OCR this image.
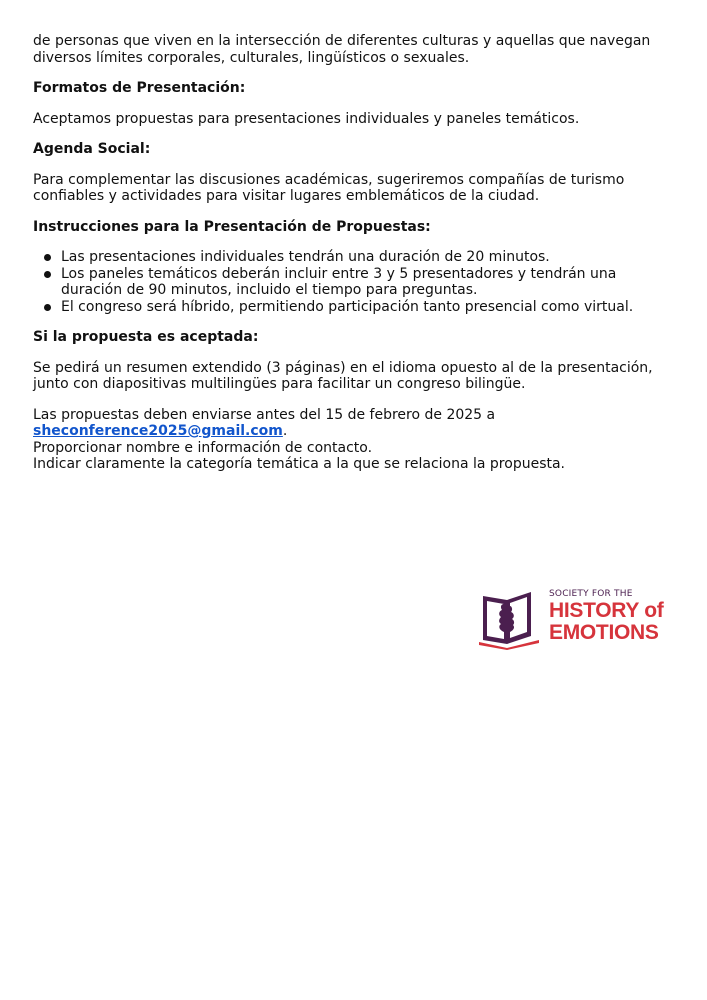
de personas que viven en la intersección de diferentes culturas y aquellas que navegan diversos límites corporales, culturales, lingüísticos o sexuales.

Formatos de Presentación:

Aceptamos propuestas para presentaciones individuales y paneles temáticos.

Agenda Social:

Para complementar las discusiones académicas, sugeriremos compañías de turismo confiables y actividades para visitar lugares emblemáticos de la ciudad.

Instrucciones para la Presentación de Propuestas:

Las presentaciones individuales tendrán una duración de 20 minutos.
Los paneles temáticos deberán incluir entre 3 y 5 presentadores y tendrán una duración de 90 minutos, incluido el tiempo para preguntas.
El congreso será híbrido, permitiendo participación tanto presencial como virtual.

Si la propuesta es aceptada:

Se pedirá un resumen extendido (3 páginas) en el idioma opuesto al de la presentación, junto con diapositivas multilingües para facilitar un congreso bilingüe.

Las propuestas deben enviarse antes del 15 de febrero de 2025 a sheconference2025@gmail.com.

Proporcionar nombre e información de contacto.

Indicar claramente la categoría temática a la que se relaciona la propuesta.

SOCIETY FOR THE
HISTORY of
EMOTIONS
